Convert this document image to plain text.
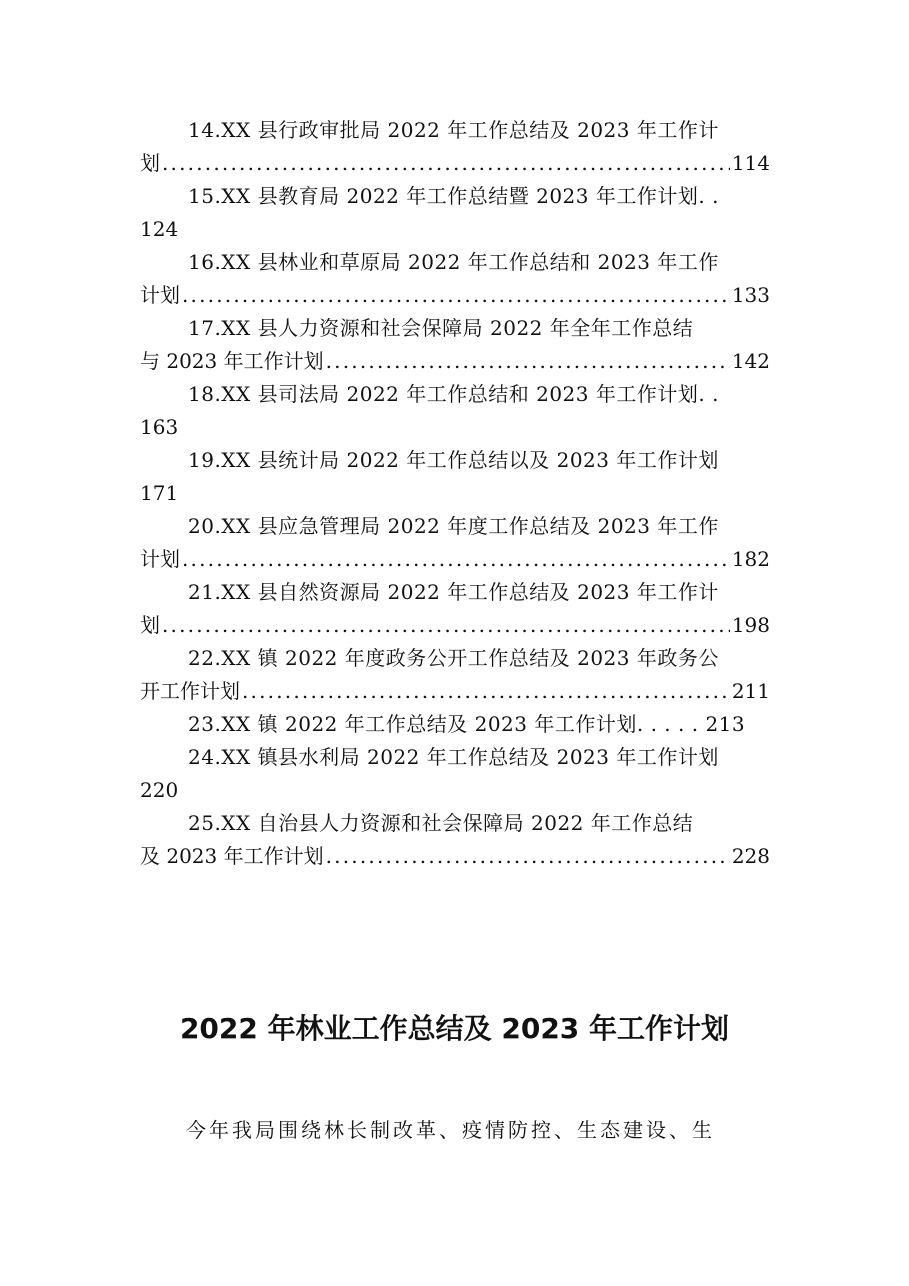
14.XX 县行政审批局 2022 年工作总结及 2023 年工作计
划 .....	114
15.XX 县教育局 2022 年工作总结暨 2023 年工作计划. .
124
16.XX 县林业和草原局 2022 年工作总结和 2023 年工作
计划 .....	133
17.XX 县人力资源和社会保障局 2022 年全年工作总结
与 2023 年工作计划 .....	142
18.XX 县司法局 2022 年工作总结和 2023 年工作计划. .
163
19.XX 县统计局 2022 年工作总结以及 2023 年工作计划
171
20.XX 县应急管理局 2022 年度工作总结及 2023 年工作
计划 .....	182
21.XX 县自然资源局 2022 年工作总结及 2023 年工作计
划 .....	198
22.XX 镇 2022 年度政务公开工作总结及 2023 年政务公
开工作计划 .....	211
23.XX 镇 2022 年工作总结及 2023 年工作计划. . . . . 213
24.XX 镇县水利局 2022 年工作总结及 2023 年工作计划
220
25.XX 自治县人力资源和社会保障局 2022 年工作总结
及 2023 年工作计划 .....	228
2022 年林业工作总结及 2023 年工作计划
今年我局围绕林长制改革、疫情防控、生态建设、生
